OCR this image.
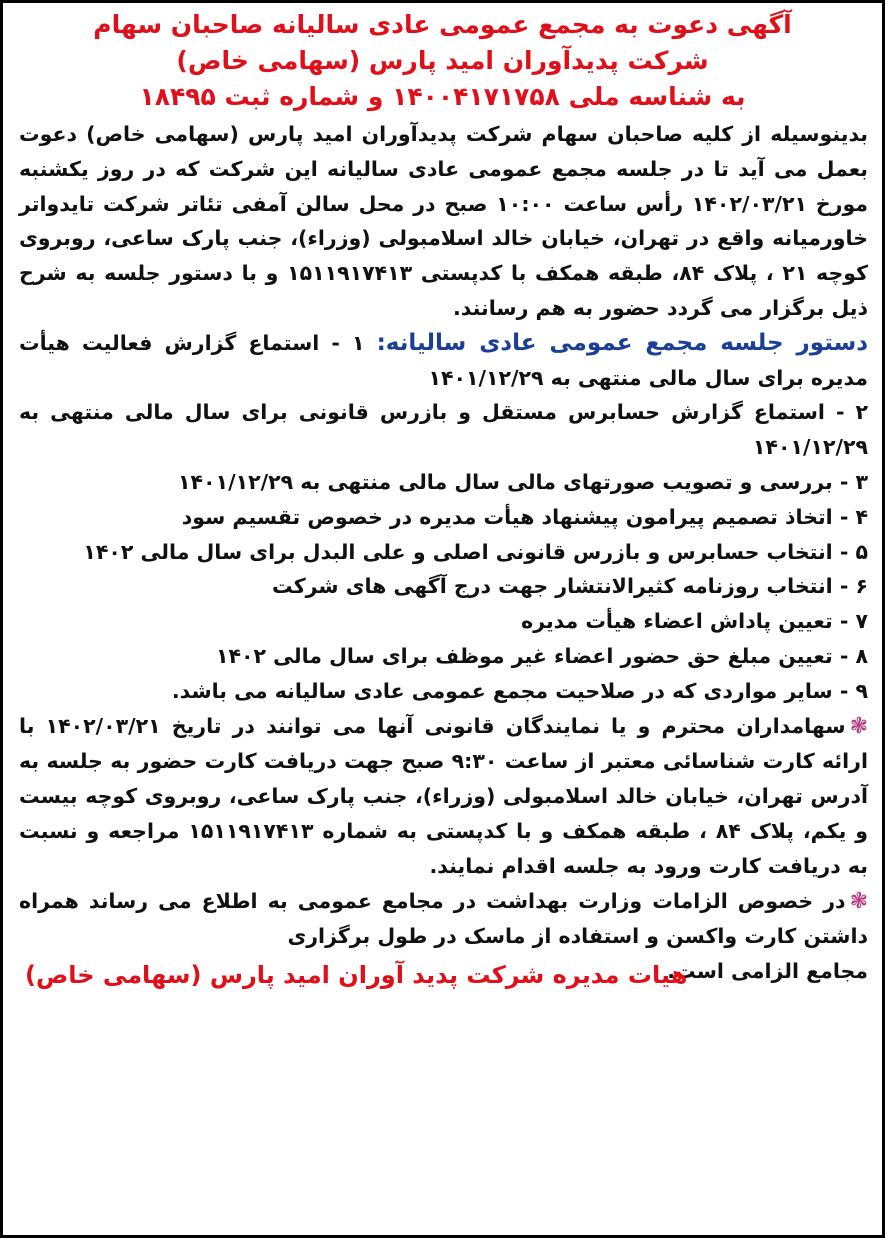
آگهی دعوت به مجمع عمومی عادی سالیانه صاحبان سهام
شرکت پدیدآوران امید پارس (سهامی خاص)
به شناسه ملی ۱۴۰۰۴۱۷۱۷۵۸ و شماره ثبت ۱۸۴۹۵
بدینوسیله از کلیه صاحبان سهام شرکت پدیدآوران امید پارس (سهامی خاص) دعوت بعمل می آید تا در جلسه مجمع عمومی عادی سالیانه این شرکت که در روز یکشنبه مورخ ۱۴۰۲/۰۳/۲۱ رأس ساعت ۱۰:۰۰ صبح در محل سالن آمفی تئاتر شرکت تایدواتر خاورمیانه واقع در تهران، خیابان خالد اسلامبولی (وزراء)، جنب پارک ساعی، روبروی کوچه ۲۱ ، پلاک ۸۴، طبقه همکف با کدپستی ۱۵۱۱۹۱۷۴۱۳ و با دستور جلسه به شرح ذیل برگزار می گردد حضور به هم رسانند.
دستور جلسه مجمع عمومی عادی سالیانه: ۱ - استماع گزارش فعالیت هیأت مدیره برای سال مالی منتهی به ۱۴۰۱/۱۲/۲۹
۲ - استماع گزارش حسابرس مستقل و بازرس قانونی برای سال مالی منتهی به ۱۴۰۱/۱۲/۲۹
۳ - بررسی و تصویب صورتهای مالی سال مالی منتهی به ۱۴۰۱/۱۲/۲۹
۴ - اتخاذ تصمیم پیرامون پیشنهاد هیأت مدیره در خصوص تقسیم سود
۵ - انتخاب حسابرس و بازرس قانونی اصلی و علی البدل برای سال مالی ۱۴۰۲
۶ - انتخاب روزنامه کثیرالانتشار جهت درج آگهی های شرکت
۷ - تعیین پاداش اعضاء هیأت مدیره
۸ - تعیین مبلغ حق حضور اعضاء غیر موظف برای سال مالی ۱۴۰۲
۹ - سایر مواردی که در صلاحیت مجمع عمومی عادی سالیانه می باشد.
❃سهامداران محترم و یا نمایندگان قانونی آنها می توانند در تاریخ ۱۴۰۲/۰۳/۲۱ با ارائه کارت شناسائی معتبر از ساعت ۹:۳۰ صبح جهت دریافت کارت حضور به جلسه به آدرس تهران، خیابان خالد اسلامبولی (وزراء)، جنب پارک ساعی، روبروی کوچه بیست و یکم، پلاک ۸۴ ، طبقه همکف و با کدپستی به شماره ۱۵۱۱۹۱۷۴۱۳ مراجعه و نسبت به دریافت کارت ورود به جلسه اقدام نمایند.
❃در خصوص الزامات وزارت بهداشت در مجامع عمومی به اطلاع می رساند همراه داشتن کارت واکسن و استفاده از ماسک در طول برگزاری
مجامع الزامی است.
هیات مدیره شرکت پدید آوران امید پارس (سهامی خاص)
